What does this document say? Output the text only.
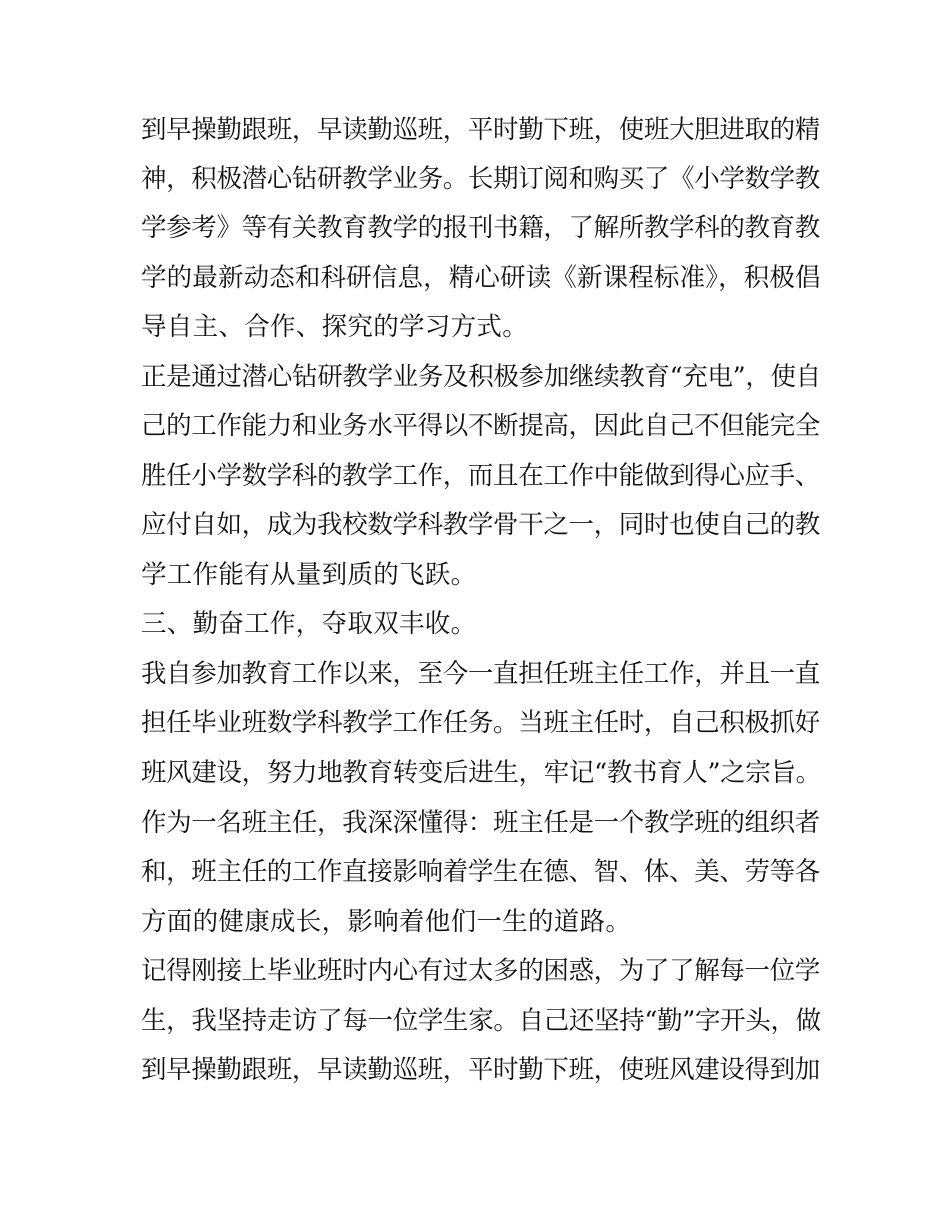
到早操勤跟班，早读勤巡班，平时勤下班，使班大胆进取的精
神，积极潜心钻研教学业务。长期订阅和购买了《小学数学教
学参考》等有关教育教学的报刊书籍，了解所教学科的教育教
学的最新动态和科研信息，精心研读《新课程标准》，积极倡
导自主、合作、探究的学习方式。
正是通过潜心钻研教学业务及积极参加继续教育“充电”，使自
己的工作能力和业务水平得以不断提高，因此自己不但能完全
胜任小学数学科的教学工作，而且在工作中能做到得心应手、
应付自如，成为我校数学科教学骨干之一，同时也使自己的教
学工作能有从量到质的飞跃。
三、勤奋工作，夺取双丰收。
我自参加教育工作以来，至今一直担任班主任工作，并且一直
担任毕业班数学科教学工作任务。当班主任时，自己积极抓好
班风建设，努力地教育转变后进生，牢记“教书育人”之宗旨。
作为一名班主任，我深深懂得：班主任是一个教学班的组织者
和，班主任的工作直接影响着学生在德、智、体、美、劳等各
方面的健康成长，影响着他们一生的道路。
记得刚接上毕业班时内心有过太多的困惑，为了了解每一位学
生，我坚持走访了每一位学生家。自己还坚持“勤”字开头，做
到早操勤跟班，早读勤巡班，平时勤下班，使班风建设得到加
